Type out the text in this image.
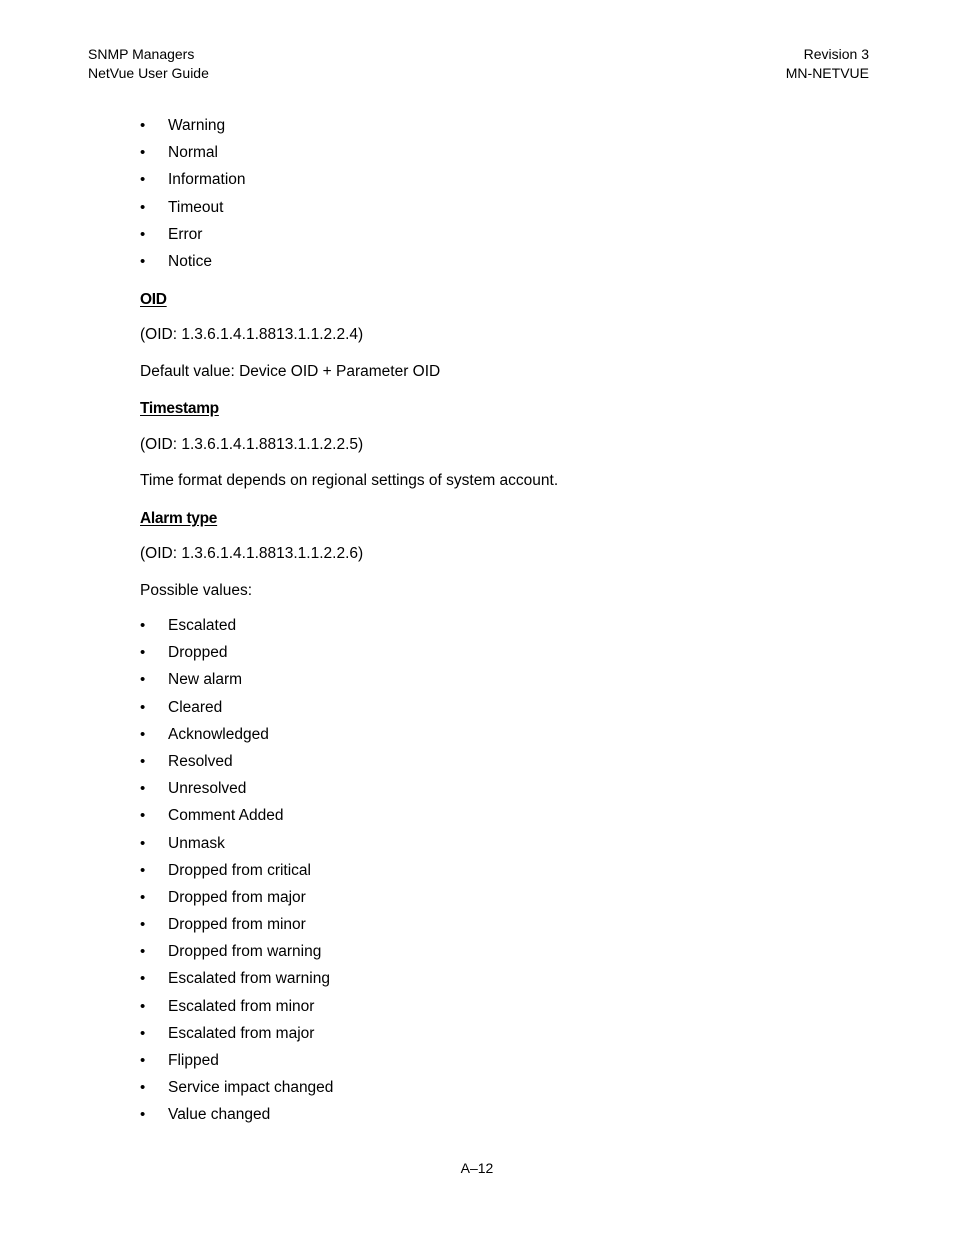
SNMP Managers
NetVue User Guide
Revision 3
MN-NETVUE
• Warning
• Normal
• Information
• Timeout
• Error
• Notice
OID
(OID: 1.3.6.1.4.1.8813.1.1.2.2.4)
Default value: Device OID + Parameter OID
Timestamp
(OID: 1.3.6.1.4.1.8813.1.1.2.2.5)
Time format depends on regional settings of system account.
Alarm type
(OID: 1.3.6.1.4.1.8813.1.1.2.2.6)
Possible values:
• Escalated
• Dropped
• New alarm
• Cleared
• Acknowledged
• Resolved
• Unresolved
• Comment Added
• Unmask
• Dropped from critical
• Dropped from major
• Dropped from minor
• Dropped from warning
• Escalated from warning
• Escalated from minor
• Escalated from major
• Flipped
• Service impact changed
• Value changed
A–12
